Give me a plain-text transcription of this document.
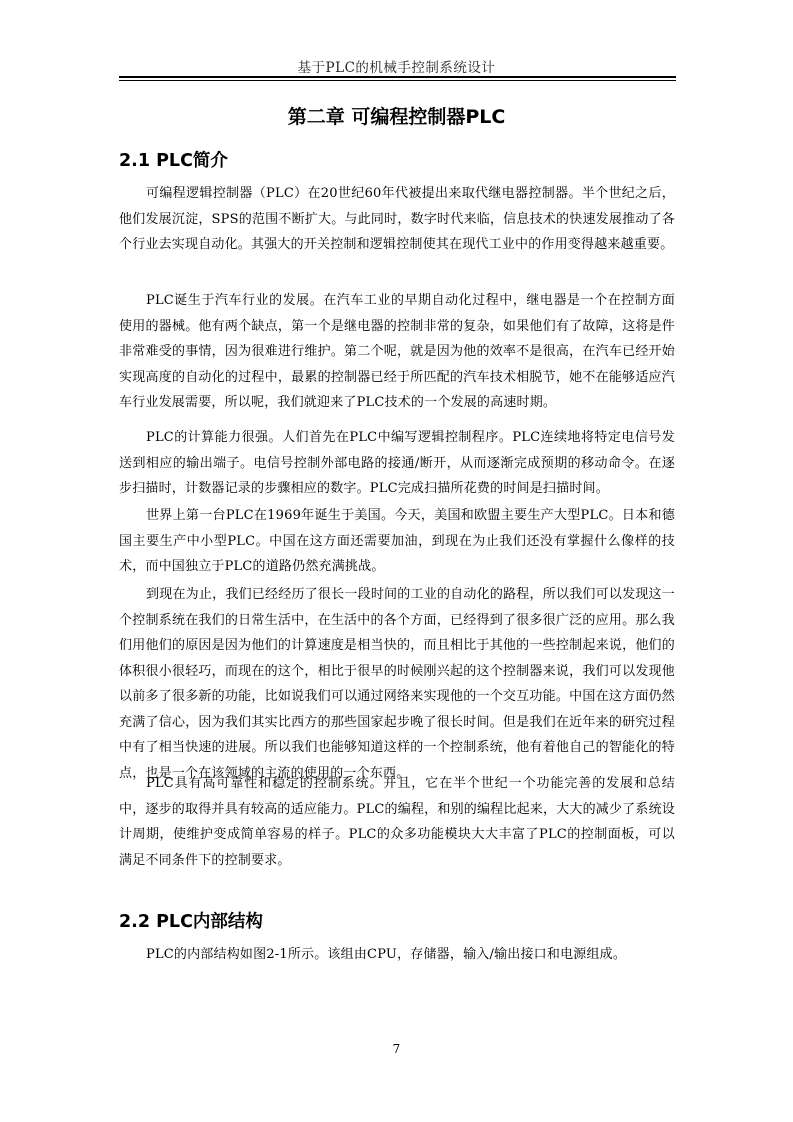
基于PLC的机械手控制系统设计
第二章 可编程控制器PLC
2.1 PLC简介

可编程逻辑控制器（PLC）在20世纪60年代被提出来取代继电器控制器。半个世纪之后，他们发展沉淀，SPS的范围不断扩大。与此同时，数字时代来临，信息技术的快速发展推动了各个行业去实现自动化。其强大的开关控制和逻辑控制使其在现代工业中的作用变得越来越重要。

PLC诞生于汽车行业的发展。在汽车工业的早期自动化过程中，继电器是一个在控制方面使用的器械。他有两个缺点，第一个是继电器的控制非常的复杂，如果他们有了故障，这将是件非常难受的事情，因为很难进行维护。第二个呢，就是因为他的效率不是很高，在汽车已经开始实现高度的自动化的过程中，最累的控制器已经于所匹配的汽车技术相脱节，她不在能够适应汽车行业发展需要，所以呢，我们就迎来了PLC技术的一个发展的高速时期。

PLC的计算能力很强。人们首先在PLC中编写逻辑控制程序。PLC连续地将特定电信号发送到相应的输出端子。电信号控制外部电路的接通/断开，从而逐渐完成预期的移动命令。在逐步扫描时，计数器记录的步骤相应的数字。PLC完成扫描所花费的时间是扫描时间。

世界上第一台PLC在1969年诞生于美国。今天，美国和欧盟主要生产大型PLC。日本和德国主要生产中小型PLC。中国在这方面还需要加油，到现在为止我们还没有掌握什么像样的技术，而中国独立于PLC的道路仍然充满挑战。

到现在为止，我们已经经历了很长一段时间的工业的自动化的路程，所以我们可以发现这一个控制系统在我们的日常生活中，在生活中的各个方面，已经得到了很多很广泛的应用。那么我们用他们的原因是因为他们的计算速度是相当快的，而且相比于其他的一些控制起来说，他们的体积很小很轻巧，而现在的这个，相比于很早的时候刚兴起的这个控制器来说，我们可以发现他以前多了很多新的功能，比如说我们可以通过网络来实现他的一个交互功能。中国在这方面仍然充满了信心，因为我们其实比西方的那些国家起步晚了很长时间。但是我们在近年来的研究过程中有了相当快速的进展。所以我们也能够知道这样的一个控制系统，他有着他自己的智能化的特点，也是一个在该领域的主流的使用的一个东西。

PLC具有高可靠性和稳定的控制系统。并且，它在半个世纪一个功能完善的发展和总结中，逐步的取得并具有较高的适应能力。PLC的编程，和别的编程比起来，大大的减少了系统设计周期，使维护变成简单容易的样子。PLC的众多功能模块大大丰富了PLC的控制面板，可以满足不同条件下的控制要求。

2.2 PLC内部结构

PLC的内部结构如图2-1所示。该组由CPU，存储器，输入/输出接口和电源组成。

7
